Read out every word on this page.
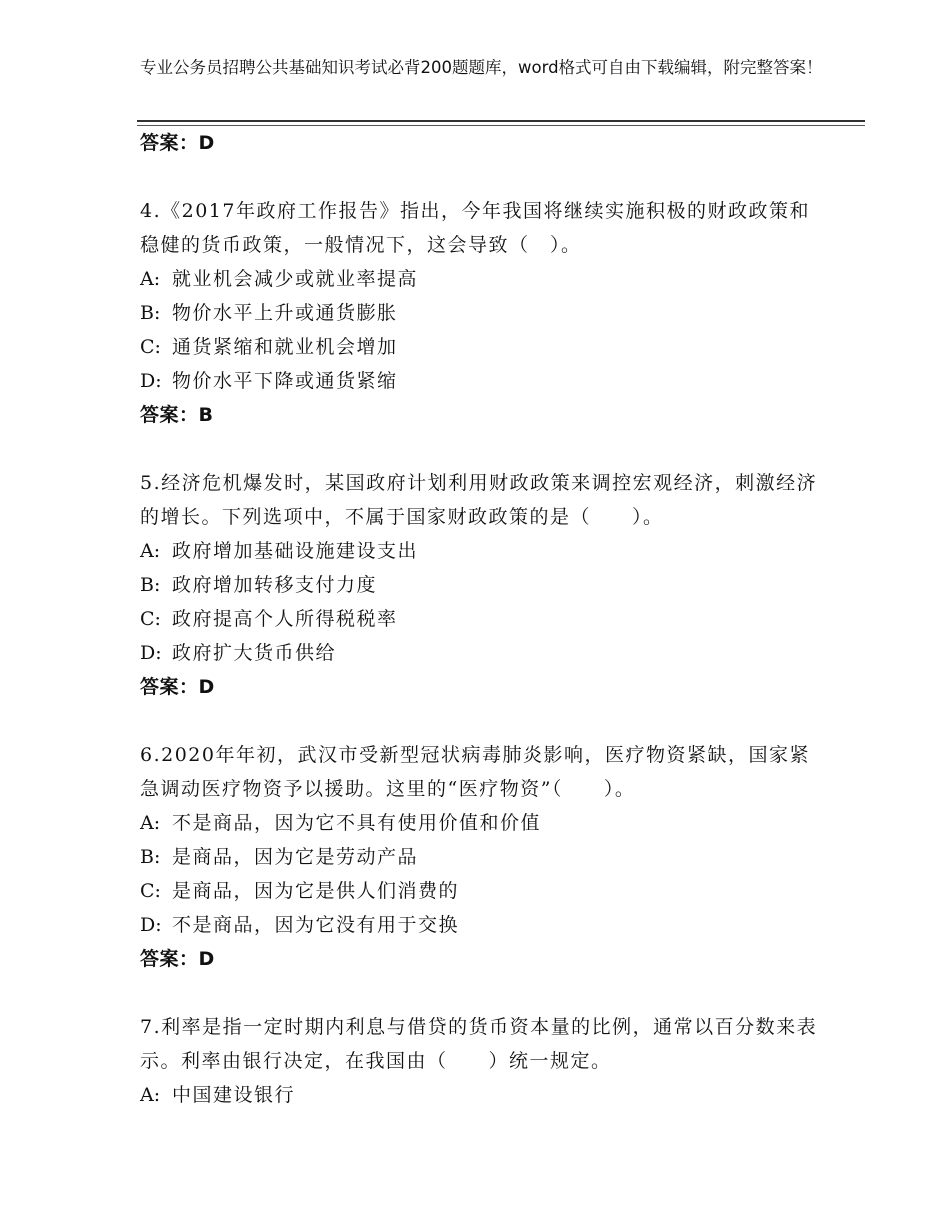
专业公务员招聘公共基础知识考试必背200题题库，word格式可自由下载编辑，附完整答案！
答案：D
4.《2017年政府工作报告》指出，今年我国将继续实施积极的财政政策和稳健的货币政策，一般情况下，这会导致（　）。
A: 就业机会减少或就业率提高
B: 物价水平上升或通货膨胀
C: 通货紧缩和就业机会增加
D: 物价水平下降或通货紧缩
答案：B
5.经济危机爆发时，某国政府计划利用财政政策来调控宏观经济，刺激经济的增长。下列选项中，不属于国家财政政策的是（　　）。
A: 政府增加基础设施建设支出
B: 政府增加转移支付力度
C: 政府提高个人所得税税率
D: 政府扩大货币供给
答案：D
6.2020年年初，武汉市受新型冠状病毒肺炎影响，医疗物资紧缺，国家紧急调动医疗物资予以援助。这里的“医疗物资”（　　）。
A: 不是商品，因为它不具有使用价值和价值
B: 是商品，因为它是劳动产品
C: 是商品，因为它是供人们消费的
D: 不是商品，因为它没有用于交换
答案：D
7.利率是指一定时期内利息与借贷的货币资本量的比例，通常以百分数来表示。利率由银行决定，在我国由（　　）统一规定。
A: 中国建设银行
